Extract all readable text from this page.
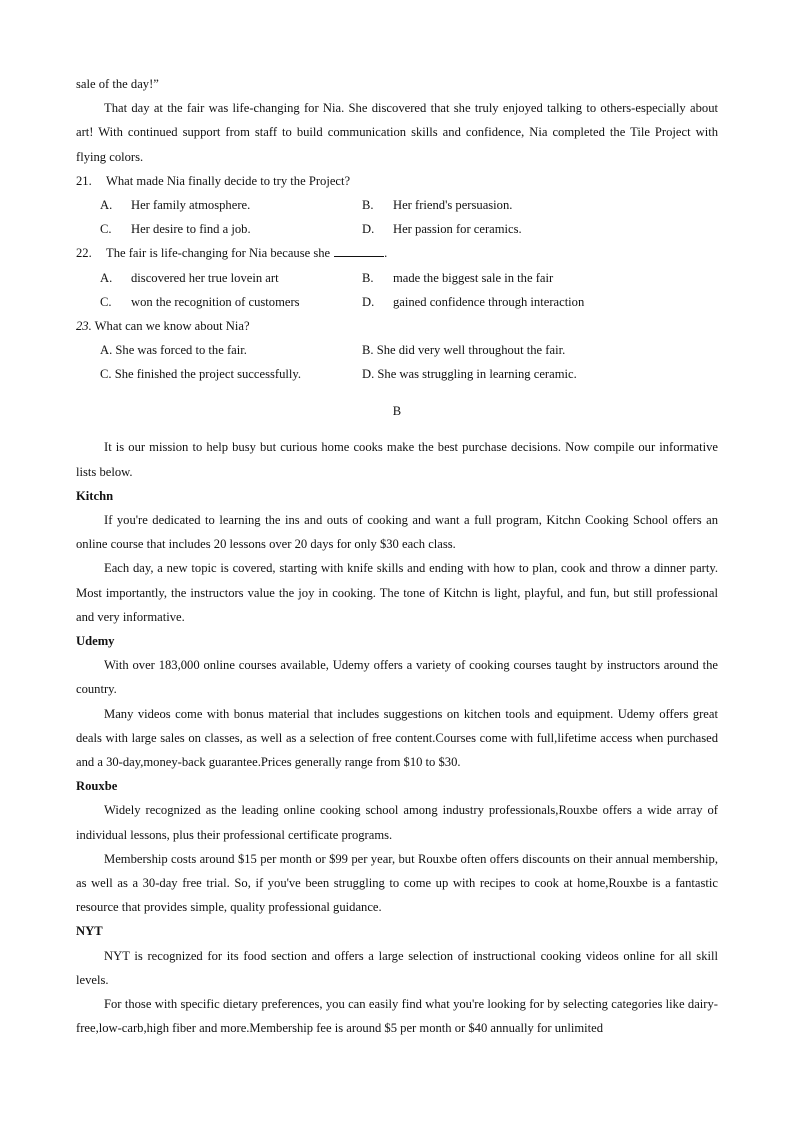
sale of the day!”

That day at the fair was life-changing for Nia. She discovered that she truly enjoyed talking to others-especially about art! With continued support from staff to build communication skills and confidence, Nia completed the Tile Project with flying colors.

21. What made Nia finally decide to try the Project?

A.	Her family atmosphere.	B.	Her friend's persuasion.
C.	Her desire to find a job.	D.	Her passion for ceramics.

22. The fair is life-changing for Nia because she	.

A.	discovered her true lovein art	B.	made the biggest sale in the fair
C.	won the recognition of customers	D.	gained confidence through interaction

23. What can we know about Nia?

A. She was forced to the fair.	B. She did very well throughout the fair.
C. She finished the project successfully.	D. She was struggling in learning ceramic.

B

It is our mission to help busy but curious home cooks make the best purchase decisions. Now compile our informative lists below.

Kitchn

If you're dedicated to learning the ins and outs of cooking and want a full program, Kitchn Cooking School offers an online course that includes 20 lessons over 20 days for only $30 each class.

Each day, a new topic is covered, starting with knife skills and ending with how to plan, cook and throw a dinner party. Most importantly, the instructors value the joy in cooking. The tone of Kitchn is light, playful, and fun, but still professional and very informative.

Udemy

With over 183,000 online courses available, Udemy offers a variety of cooking courses taught by instructors around the country.

Many videos come with bonus material that includes suggestions on kitchen tools and equipment. Udemy offers great deals with large sales on classes, as well as a selection of free content.Courses come with full,lifetime access when purchased and a 30-day,money-back guarantee.Prices generally range from $10 to $30.

Rouxbe

Widely recognized as the leading online cooking school among industry professionals,Rouxbe offers a wide array of individual lessons, plus their professional certificate programs.

Membership costs around $15 per month or $99 per year, but Rouxbe often offers discounts on their annual membership, as well as a 30-day free trial. So, if you've been struggling to come up with recipes to cook at home,Rouxbe is a fantastic resource that provides simple, quality professional guidance.

NYT

NYT is recognized for its food section and offers a large selection of instructional cooking videos online for all skill levels.

For those with specific dietary preferences, you can easily find what you're looking for by selecting categories like dairy-free,low-carb,high fiber and more.Membership fee is around $5 per month or $40 annually for unlimited
